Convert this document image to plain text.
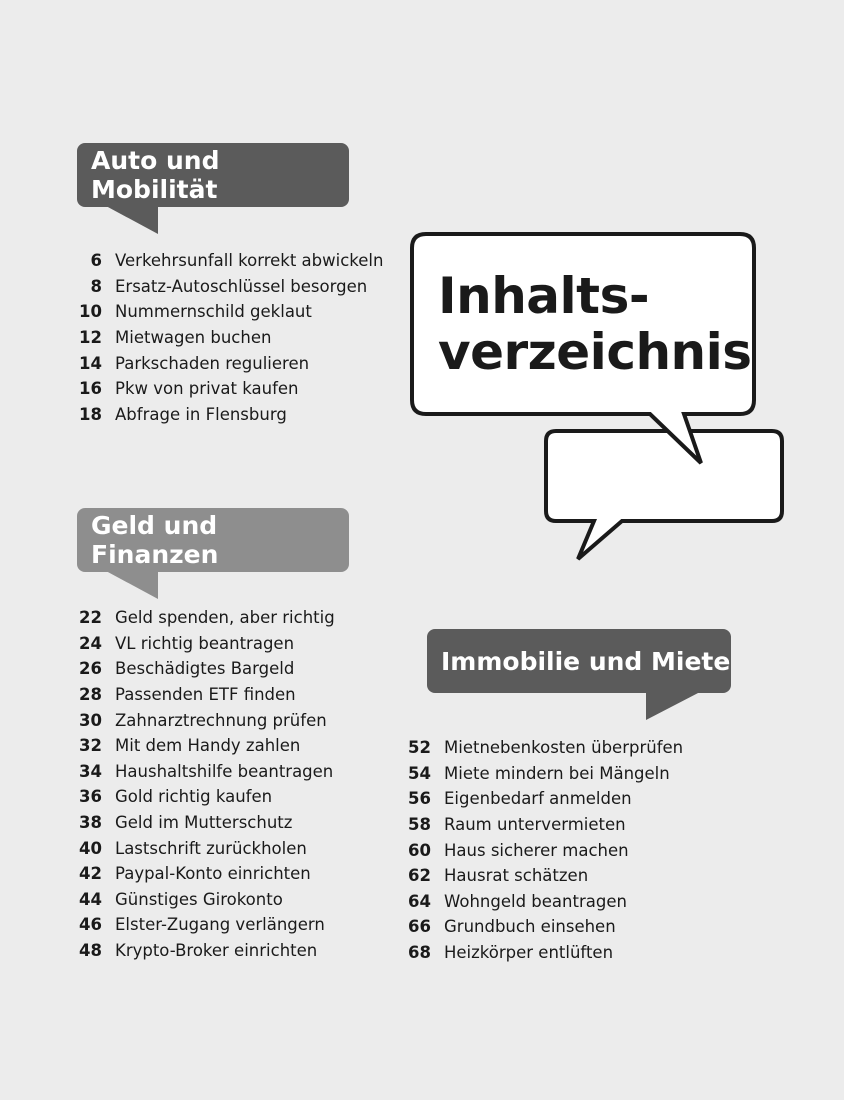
Inhalts-
verzeichnis
Auto und Mobilität
6 Verkehrsunfall korrekt abwickeln
8 Ersatz-Autoschlüssel besorgen
10 Nummernschild geklaut
12 Mietwagen buchen
14 Parkschaden regulieren
16 Pkw von privat kaufen
18 Abfrage in Flensburg
Geld und Finanzen
22 Geld spenden, aber richtig
24 VL richtig beantragen
26 Beschädigtes Bargeld
28 Passenden ETF finden
30 Zahnarztrechnung prüfen
32 Mit dem Handy zahlen
34 Haushaltshilfe beantragen
36 Gold richtig kaufen
38 Geld im Mutterschutz
40 Lastschrift zurückholen
42 Paypal-Konto einrichten
44 Günstiges Girokonto
46 Elster-Zugang verlängern
48 Krypto-Broker einrichten
Immobilie und Miete
52 Mietnebenkosten überprüfen
54 Miete mindern bei Mängeln
56 Eigenbedarf anmelden
58 Raum untervermieten
60 Haus sicherer machen
62 Hausrat schätzen
64 Wohngeld beantragen
66 Grundbuch einsehen
68 Heizkörper entlüften
